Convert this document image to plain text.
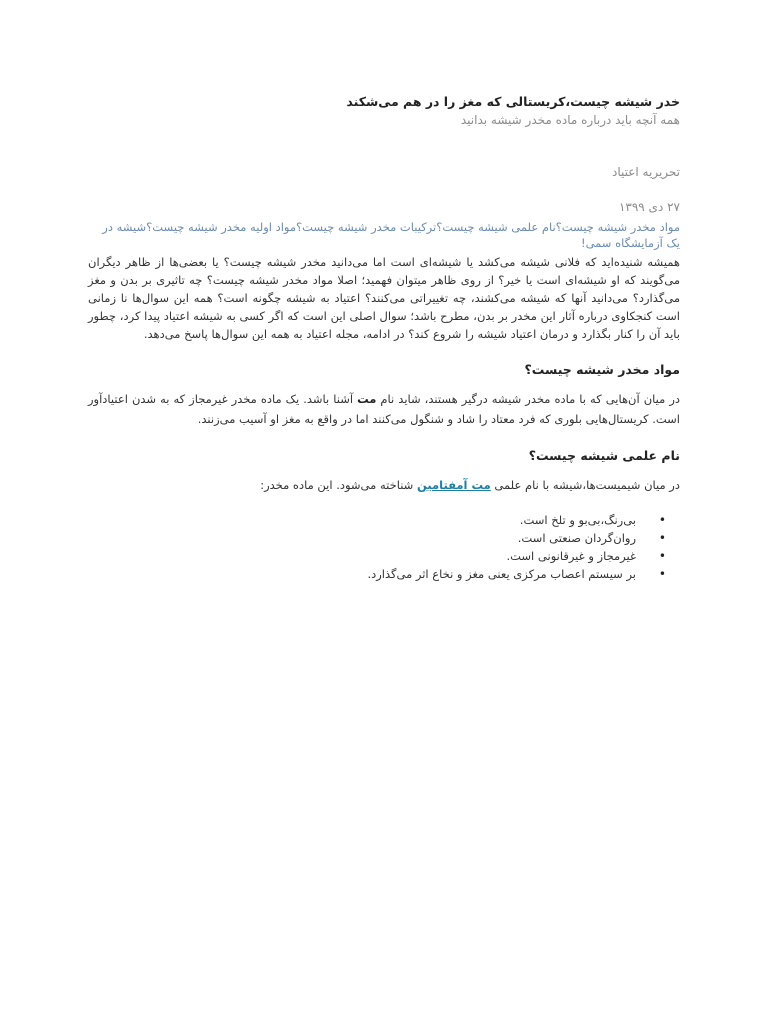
خدر شیشه چیست،کریستالی که مغز را در هم می‌شکند
همه آنچه باید درباره ماده مخدر شیشه بدانید
تحریریه اعتیاد
۲۷ دی ۱۳۹۹
مواد مخدر شیشه چیست؟نام علمی شیشه چیست؟ترکیبات مخدر شیشه چیست؟مواد اولیه مخدر شیشه چیست؟شیشه در یک آزمایشگاه سمی!
همیشه شنیده‌اید که فلانی شیشه می‌کشد یا شیشه‌ای است اما می‌دانید مخدر شیشه چیست؟ یا بعضی‌ها از ظاهر دیگران می‌گویند که او شیشه‌ای است یا خیر؟ از روی ظاهر میتوان فهمید؛ اصلا مواد مخدر شیشه چیست؟ چه تاثیری بر بدن و مغز می‌گذارد؟ می‌دانید آنها که شیشه می‌کشند، چه تغییراتی می‌کنند؟ اعتیاد به شیشه چگونه است؟ همه این سوال‌ها نا زمانی است کنجکاوی درباره آثار این مخدر بر بدن، مطرح باشد؛ سوال اصلی این است که اگر کسی به شیشه اعتیاد پیدا کرد، چطور باید آن را کنار بگذارد و درمان اعتیاد شیشه را شروع کند؟ در ادامه، مجله اعتیاد به همه این سوال‌ها پاسخ می‌دهد.
مواد مخدر شیشه چیست؟
در میان آن‌هایی که با ماده مخدر شیشه درگیر هستند، شاید نام مت آشنا باشد. یک ماده مخدر غیرمجاز که به شدن اعتیادآور است. کریستال‌هایی بلوری که فرد معتاد را شاد و شنگول می‌کنند اما در واقع به مغز او آسیب می‌زنند.
نام علمی شیشه چیست؟
در میان شیمیست‌ها،شیشه با نام علمی مت آمفتامین شناخته می‌شود. این ماده مخدر:
•
بی‌رنگ،بی‌بو و تلخ است.
•
روان‌گردان صنعتی است.
•
غیرمجاز و غیرقانونی است.
•
بر سیستم اعصاب مرکزی یعنی مغز و نخاع اثر می‌گذارد.
